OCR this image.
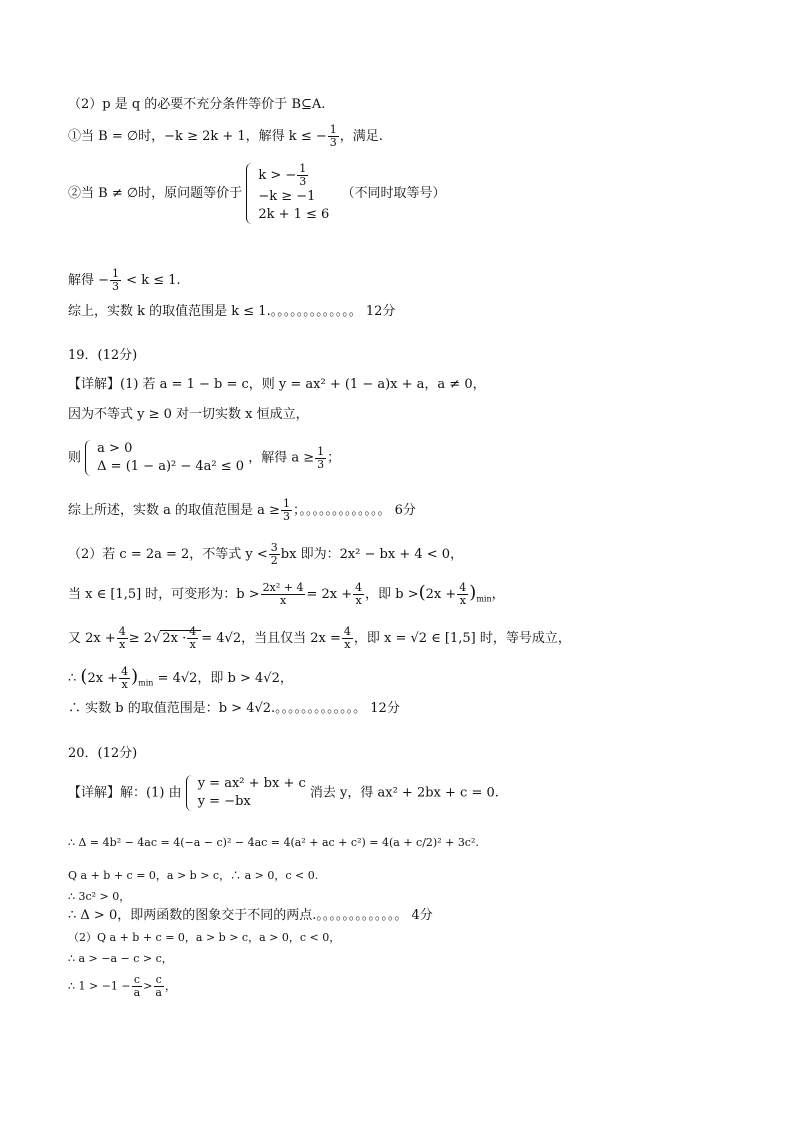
（2）p 是 q 的必要不充分条件等价于 B⊆A.
①当 B = ∅时，−k ≥ 2k + 1，解得 k ≤ − $\frac{1}{3}$ ，满足.
②当 B ≠ ∅时，原问题等价于
k > − $\frac{1}{3}$
−k ≥ −1
2k + 1 ≤ 6
（不同时取等号）
解得 − $\frac{1}{3} < k \le 1$.
综上，实数 k 的取值范围是 k ≤ 1.。。。。。。。。。。。。。 12分
19．(12分)
【详解】(1) 若 a = 1 − b = c，则 y = ax² + (1 − a)x + a，a ≠ 0，
因为不等式 y ≥ 0 对一切实数 x 恒成立，
则
a > 0
Δ = (1 − a)² − 4a² ≤ 0
，解得 $a \ge \frac{1}{3}$ ；
综上所述，实数 a 的取值范围是 $a \ge \frac{1}{3}$ ；。。。。。。。。。。。。。 6分
（2）若 c = 2a = 2，不等式 $y < \frac{3}{2}$ bx 即为：2x² − bx + 4 < 0，
当 x ∈ [1,5] 时，可变形为：$b > \frac{\text{2x² + 4}}{x} = 2x + \frac{4}{x}$ ，即 $b >(2x + \frac{4}{x} )_{min}$，
又 $2x + \frac{4}{x} \ge 2√$ $2x \cdot \frac{4}{x} = 4√2$，当且仅当 $2x = \frac{4}{x}$ ，即 x = √2 ∈ [1,5] 时，等号成立，
∴ $(2x + \frac{4}{x} )_{min} = 4√2$，即 b > 4√2，
∴ 实数 b 的取值范围是：b > 4√2.。。。。。。。。。。。。。 12分
20．(12分)
【详解】解：(1) 由
y = ax² + bx + c
y = −bx
消去 y，得 ax² + 2bx + c = 0.
∴ Δ = 4b² − 4ac = 4(−a − c)² − 4ac = 4(a² + ac + c²) = 4(a + c/2)² + 3c².
Q a + b + c = 0，a > b > c，∴ a > 0，c < 0.
∴ 3c² > 0，
∴ Δ > 0，即两函数的图象交于不同的两点.。。。。。。。。。。。。。 4分
（2）Q a + b + c = 0，a > b > c，a > 0，c < 0，
∴ a > −a − c > c，
∴ $1 > -1 - \frac{c}{a} > \frac{c}{a}$ ，
